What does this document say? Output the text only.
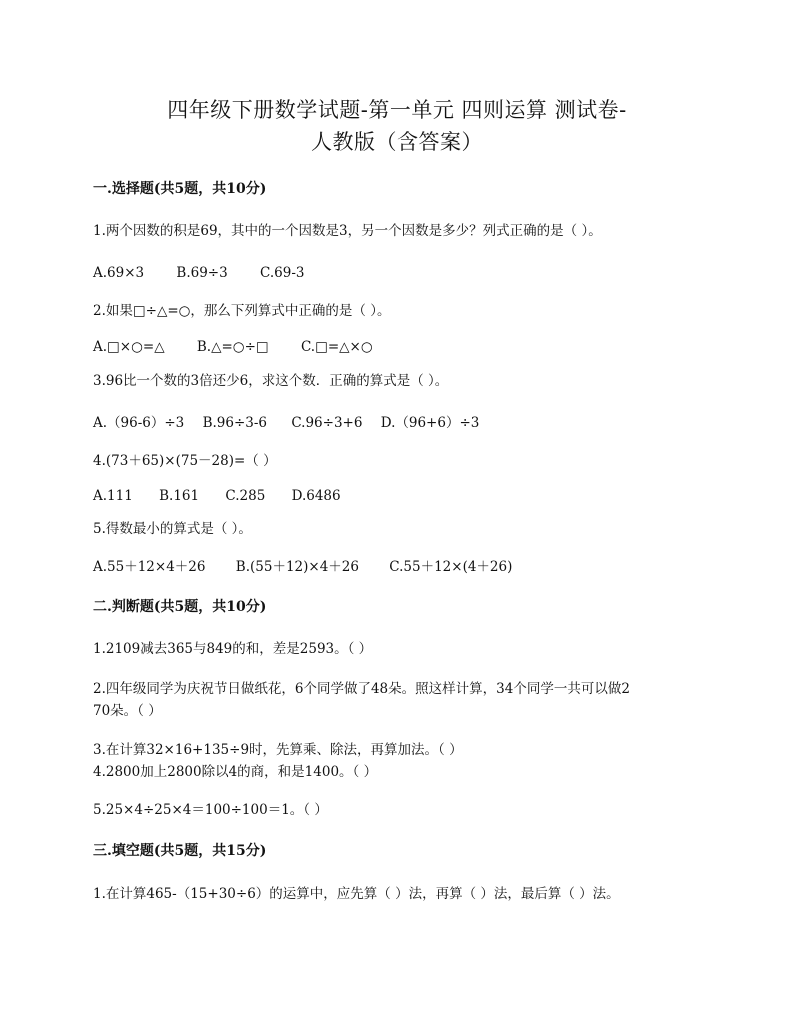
四年级下册数学试题-第一单元 四则运算 测试卷-
人教版（含答案）
一.选择题(共5题，共10分)
1.两个因数的积是69，其中的一个因数是3，另一个因数是多少？列式正确的是（ ）。
A.69×3 B.69÷3 C.69-3
2.如果□÷△=○，那么下列算式中正确的是（ ）。
A.□×○=△ B.△=○÷□ C.□=△×○
3.96比一个数的3倍还少6，求这个数．正确的算式是（ ）。
A.（96-6）÷3 B.96÷3-6 C.96÷3+6 D.（96+6）÷3
4.(73＋65)×(75－28)=（ ）
A.111 B.161 C.285 D.6486
5.得数最小的算式是（ ）。
A.55＋12×4＋26 B.(55＋12)×4＋26 C.55＋12×(4＋26)
二.判断题(共5题，共10分)
1.2109减去365与849的和，差是2593。（ ）
2.四年级同学为庆祝节日做纸花，6个同学做了48朵。照这样计算，34个同学一共可以做2
70朵。（ ）
3.在计算32×16+135÷9时，先算乘、除法，再算加法。（ ）
4.2800加上2800除以4的商，和是1400。（ ）
5.25×4÷25×4＝100÷100＝1。（ ）
三.填空题(共5题，共15分)
1.在计算465-（15+30÷6）的运算中，应先算（ ）法，再算（ ）法，最后算（ ）法。
